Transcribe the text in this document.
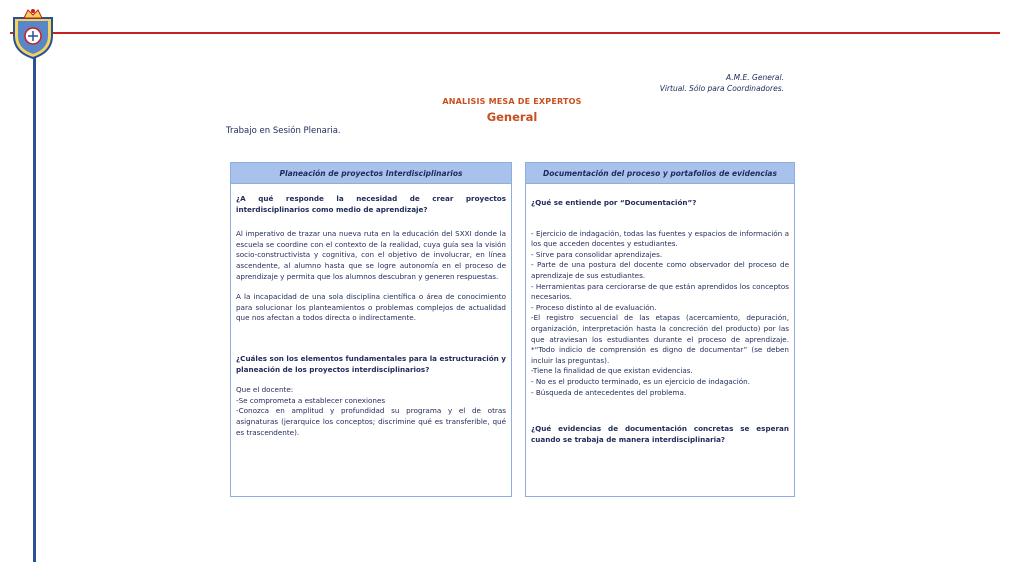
A.M.E. General.
Virtual. Sólo para Coordinadores.
ANALISIS MESA DE EXPERTOS
General
Trabajo en Sesión Plenaria.
Planeación de proyectos Interdisciplinarios

¿A qué responde la necesidad de crear proyectos interdisciplinarios como medio de aprendizaje?

Al imperativo de trazar una nueva ruta en la educación del SXXI donde la escuela se coordine con el contexto de la realidad, cuya guía sea la visión socio-constructivista y cognitiva, con el objetivo de involucrar, en línea ascendente, al alumno hasta que se logre autonomía en el proceso de aprendizaje y permita que los alumnos descubran y generen respuestas.

A la incapacidad de una sola disciplina científica o área de conocimiento para solucionar los planteamientos o problemas complejos de actualidad que nos afectan a todos directa o indirectamente.

¿Cuáles son los elementos fundamentales para la estructuración y planeación de los proyectos interdisciplinarios?

Que el docente:

-Se comprometa a establecer conexiones

-Conozca en amplitud y profundidad su programa y el de otras asignaturas (jerarquice los conceptos; discrimine qué es transferible, qué es trascendente).

Documentación del proceso y portafolios de evidencias

¿Qué se entiende por “Documentación”?

- Ejercicio de indagación, todas las fuentes y espacios de información a los que acceden docentes y estudiantes.

- Sirve para consolidar aprendizajes.

- Parte de una postura del docente como observador del proceso de aprendizaje de sus estudiantes.

- Herramientas para cerciorarse de que están aprendidos los conceptos necesarios.

- Proceso distinto al de evaluación.

-El registro secuencial de las etapas (acercamiento, depuración, organización, interpretación hasta la concreción del producto) por las que atraviesan los estudiantes durante el proceso de aprendizaje. *“Todo indicio de comprensión es digno de documentar” (se deben incluir las preguntas).

-Tiene la finalidad de que existan evidencias.

- No es el producto terminado, es un ejercicio de indagación.

- Búsqueda de antecedentes del problema.

¿Qué evidencias de documentación concretas se esperan cuando se trabaja de manera interdisciplinaria?
